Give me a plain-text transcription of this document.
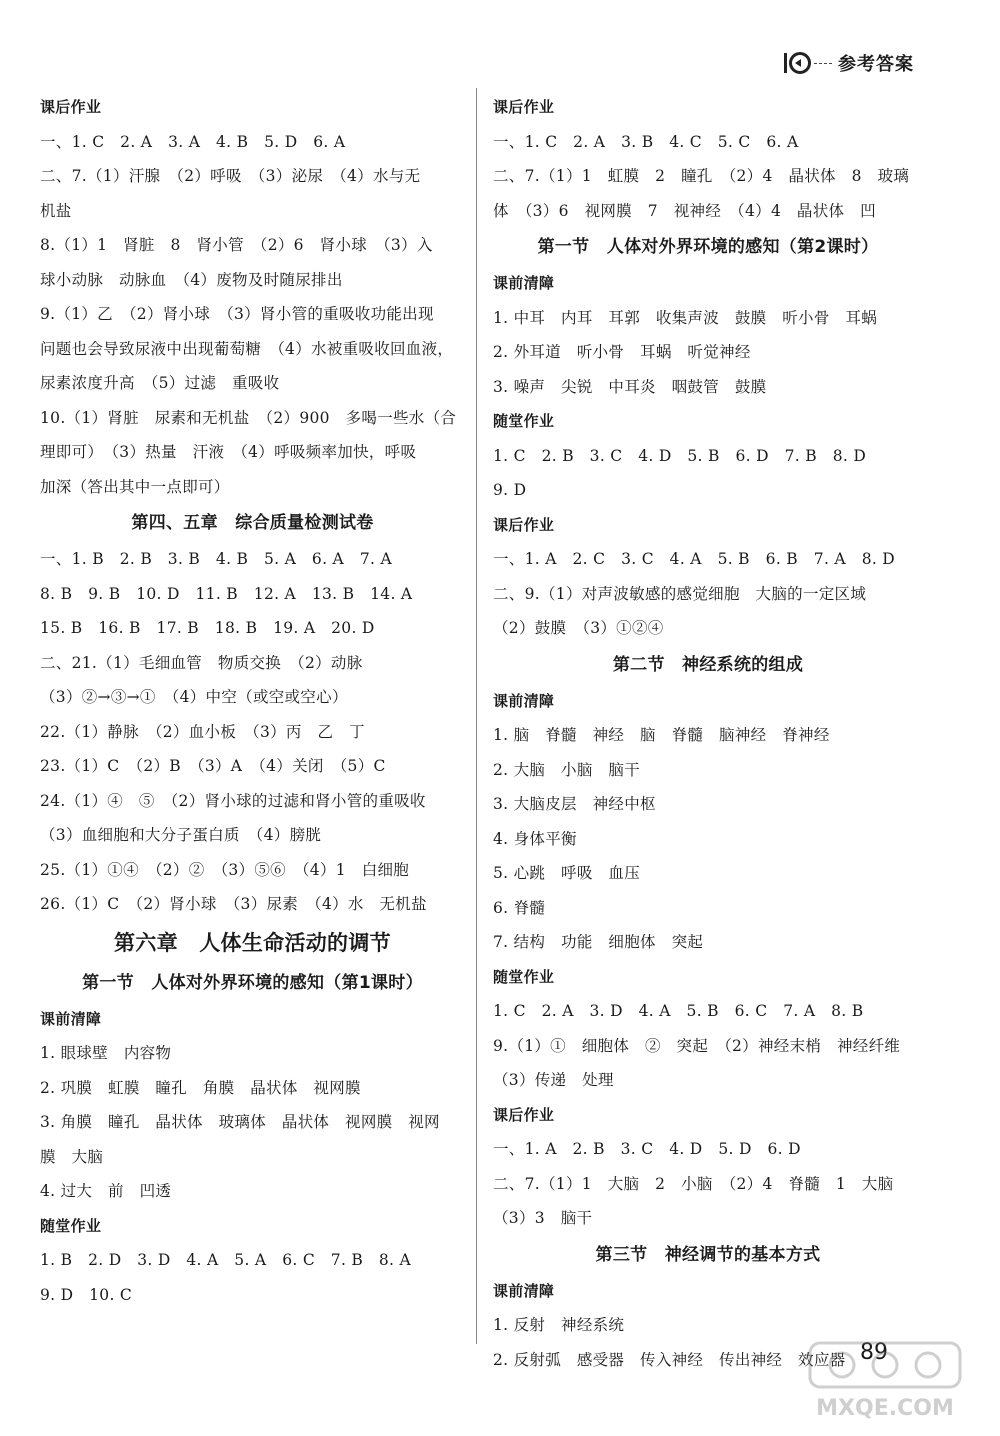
参考答案
课后作业
一、1. C　2. A　3. A　4. B　5. D　6. A
二、7.（1）汗腺　（2）呼吸　（3）泌尿　（4）水与无
机盐
8.（1）1　肾脏　8　肾小管　（2）6　肾小球　（3）入
球小动脉　动脉血　（4）废物及时随尿排出
9.（1）乙　（2）肾小球　（3）肾小管的重吸收功能出现
问题也会导致尿液中出现葡萄糖　（4）水被重吸收回血液，
尿素浓度升高　（5）过滤　重吸收
10.（1）肾脏　尿素和无机盐　（2）900　多喝一些水（合
理即可）　（3）热量　汗液　（4）呼吸频率加快，呼吸
加深（答出其中一点即可）
第四、五章　综合质量检测试卷
一、1. B　2. B　3. B　4. B　5. A　6. A　7. A
8. B　9. B　10. D　11. B　12. A　13. B　14. A
15. B　16. B　17. B　18. B　19. A　20. D
二、21.（1）毛细血管　物质交换　（2）动脉
（3）②→③→①　（4）中空（或空或空心）
22.（1）静脉　（2）血小板　（3）丙　乙　丁
23.（1）C　（2）B　（3）A　（4）关闭　（5）C
24.（1）④　⑤　（2）肾小球的过滤和肾小管的重吸收
（3）血细胞和大分子蛋白质　（4）膀胱
25.（1）①④　（2）②　（3）⑤⑥　（4）1　白细胞
26.（1）C　（2）肾小球　（3）尿素　（4）水　无机盐
第六章　人体生命活动的调节
第一节　人体对外界环境的感知（第1课时）
课前清障
1. 眼球壁　内容物
2. 巩膜　虹膜　瞳孔　角膜　晶状体　视网膜
3. 角膜　瞳孔　晶状体　玻璃体　晶状体　视网膜　视网
膜　大脑
4. 过大　前　凹透
随堂作业
1. B　2. D　3. D　4. A　5. A　6. C　7. B　8. A
9. D　10. C
课后作业
一、1. C　2. A　3. B　4. C　5. C　6. A
二、7.（1）1　虹膜　2　瞳孔　（2）4　晶状体　8　玻璃
体　（3）6　视网膜　7　视神经　（4）4　晶状体　凹
第一节　人体对外界环境的感知（第2课时）
课前清障
1. 中耳　内耳　耳郭　收集声波　鼓膜　听小骨　耳蜗
2. 外耳道　听小骨　耳蜗　听觉神经
3. 噪声　尖锐　中耳炎　咽鼓管　鼓膜
随堂作业
1. C　2. B　3. C　4. D　5. B　6. D　7. B　8. D
9. D
课后作业
一、1. A　2. C　3. C　4. A　5. B　6. B　7. A　8. D
二、9.（1）对声波敏感的感觉细胞　大脑的一定区域
（2）鼓膜　（3）①②④
第二节　神经系统的组成
课前清障
1. 脑　脊髓　神经　脑　脊髓　脑神经　脊神经
2. 大脑　小脑　脑干
3. 大脑皮层　神经中枢
4. 身体平衡
5. 心跳　呼吸　血压
6. 脊髓
7. 结构　功能　细胞体　突起
随堂作业
1. C　2. A　3. D　4. A　5. B　6. C　7. A　8. B
9.（1）①　细胞体　②　突起　（2）神经末梢　神经纤维
（3）传递　处理
课后作业
一、1. A　2. B　3. C　4. D　5. D　6. D
二、7.（1）1　大脑　2　小脑　（2）4　脊髓　1　大脑
（3）3　脑干
第三节　神经调节的基本方式
课前清障
1. 反射　神经系统
2. 反射弧　感受器　传入神经　传出神经　效应器 89
MXQE.COM
